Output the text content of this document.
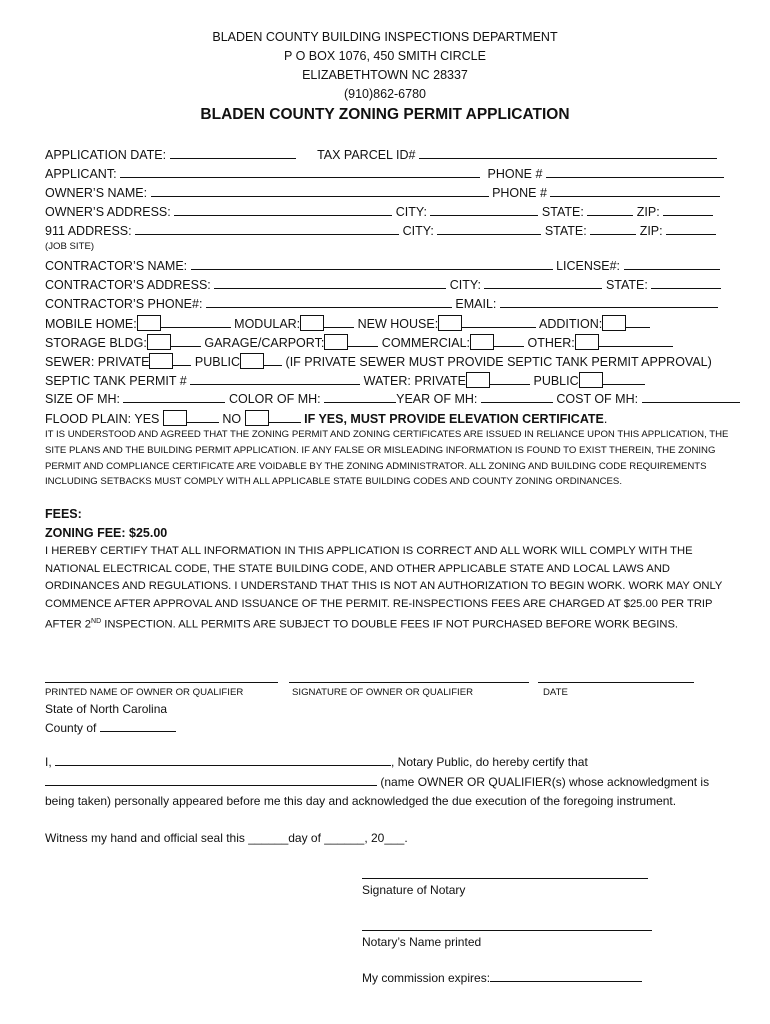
BLADEN COUNTY BUILDING INSPECTIONS DEPARTMENT
P O BOX 1076, 450 SMITH CIRCLE
ELIZABETHTOWN NC 28337
(910)862-6780
BLADEN COUNTY ZONING PERMIT APPLICATION
APPLICATION DATE:	TAX PARCEL ID#
APPLICANT:	PHONE #
OWNER’S NAME:	PHONE #
OWNER’S ADDRESS:	CITY:	STATE:	ZIP:
911 ADDRESS:	CITY:	STATE:	ZIP:
(JOB SITE)
CONTRACTOR’S NAME:	LICENSE#:
CONTRACTOR’S ADDRESS:	CITY:	STATE:
CONTRACTOR’S PHONE#:	EMAIL:
MOBILE HOME:	MODULAR:	NEW HOUSE:	ADDITION:
STORAGE BLDG:	GARAGE/CARPORT:	COMMERCIAL:	OTHER:
SEWER: PRIVATE	PUBLIC	(IF PRIVATE SEWER MUST PROVIDE SEPTIC TANK PERMIT APPROVAL)
SEPTIC TANK PERMIT #	WATER: PRIVATE	PUBLIC
SIZE OF MH:	COLOR OF MH:	YEAR OF MH:	COST OF MH:
FLOOD PLAIN: YES	NO	IF YES, MUST PROVIDE ELEVATION CERTIFICATE.
IT IS UNDERSTOOD AND AGREED THAT THE ZONING PERMIT AND ZONING CERTIFICATES ARE ISSUED IN RELIANCE UPON THIS APPLICATION, THE SITE PLANS AND THE BUILDING PERMIT APPLICATION. IF ANY FALSE OR MISLEADING INFORMATION IS FOUND TO EXIST THEREIN, THE ZONING PERMIT AND COMPLIANCE CERTIFICATE ARE VOIDABLE BY THE ZONING ADMINISTRATOR. ALL ZONING AND BUILDING CODE REQUIREMENTS INCLUDING SETBACKS MUST COMPLY WITH ALL APPLICABLE STATE BUILDING CODES AND COUNTY ZONING ORDINANCES.
FEES:
ZONING FEE: $25.00
I HEREBY CERTIFY THAT ALL INFORMATION IN THIS APPLICATION IS CORRECT AND ALL WORK WILL COMPLY WITH THE NATIONAL ELECTRICAL CODE, THE STATE BUILDING CODE, AND OTHER APPLICABLE STATE AND LOCAL LAWS AND ORDINANCES AND REGULATIONS. I UNDERSTAND THAT THIS IS NOT AN AUTHORIZATION TO BEGIN WORK. WORK MAY ONLY COMMENCE AFTER APPROVAL AND ISSUANCE OF THE PERMIT. RE-INSPECTIONS FEES ARE CHARGED AT $25.00 PER TRIP AFTER 2ND INSPECTION. ALL PERMITS ARE SUBJECT TO DOUBLE FEES IF NOT PURCHASED BEFORE WORK BEGINS.
PRINTED NAME OF OWNER OR QUALIFIER	SIGNATURE OF OWNER OR QUALIFIER	DATE
State of North Carolina
County of
I,	, Notary Public, do hereby certify that
(name OWNER OR QUALIFIER(s) whose acknowledgment is
being taken) personally appeared before me this day and acknowledged the due execution of the foregoing instrument.
Witness my hand and official seal this ______day of ______, 20___.
Signature of Notary
Notary’s Name printed
My commission expires:
